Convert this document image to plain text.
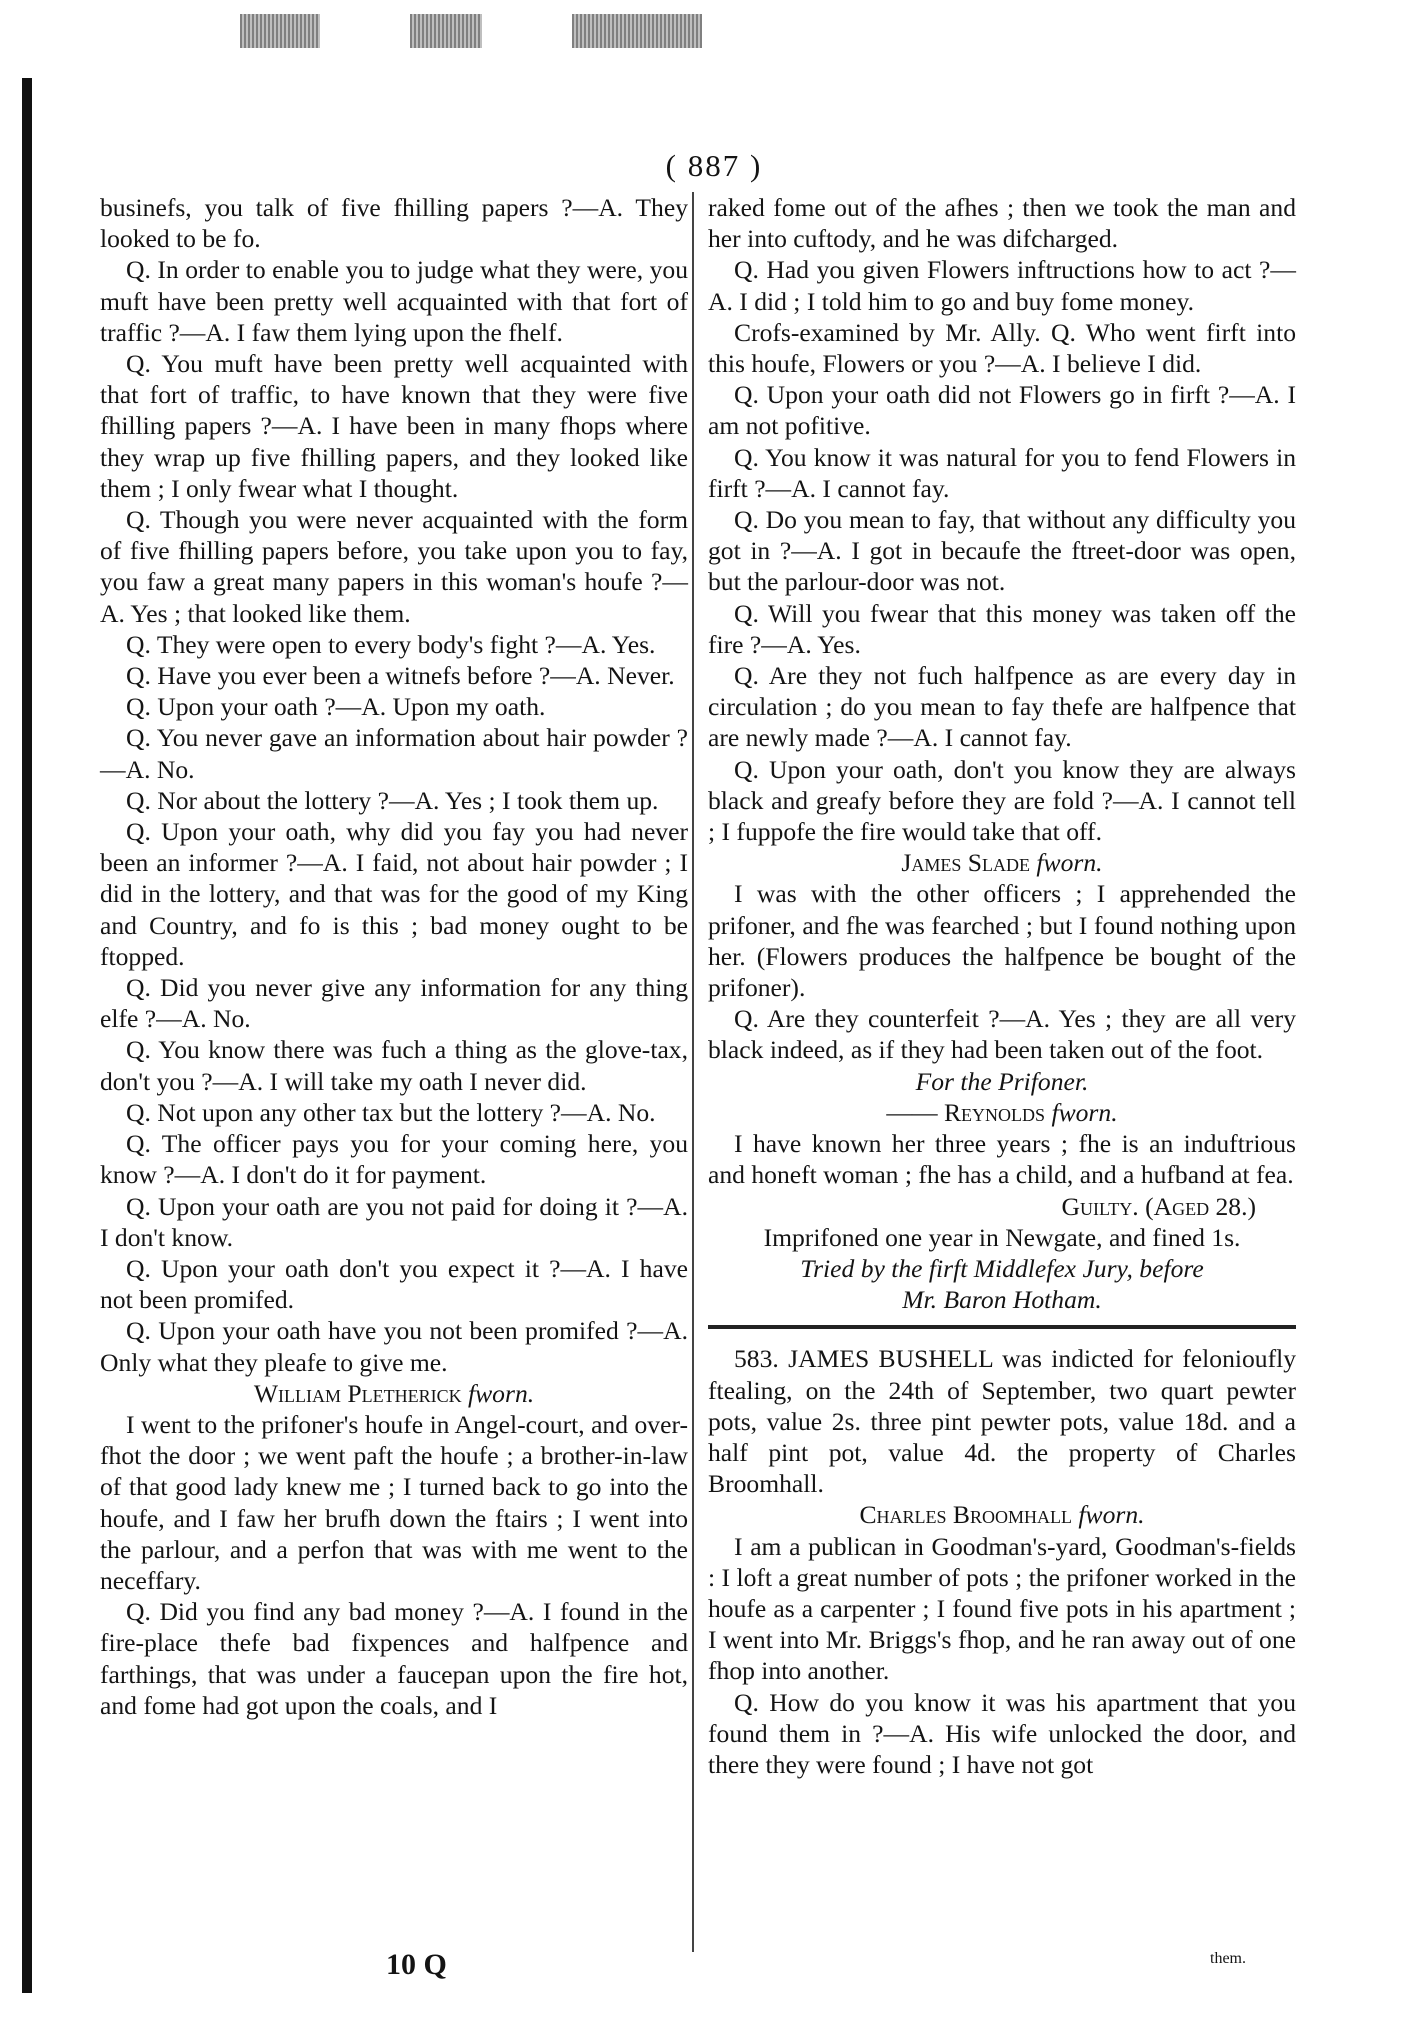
( 887 )

businefs, you talk of five fhilling papers ?—A. They looked to be fo.

Q. In order to enable you to judge what they were, you muft have been pretty well acquainted with that fort of traffic ?—A. I faw them lying upon the fhelf.

Q. You muft have been pretty well acquainted with that fort of traffic, to have known that they were five fhilling papers ?—A. I have been in many fhops where they wrap up five fhilling papers, and they looked like them ; I only fwear what I thought.

Q. Though you were never acquainted with the form of five fhilling papers before, you take upon you to fay, you faw a great many papers in this woman's houfe ?—A. Yes ; that looked like them.

Q. They were open to every body's fight ?—A. Yes.

Q. Have you ever been a witnefs before ?—A. Never.

Q. Upon your oath ?—A. Upon my oath.

Q. You never gave an information about hair powder ?—A. No.

Q. Nor about the lottery ?—A. Yes ; I took them up.

Q. Upon your oath, why did you fay you had never been an informer ?—A. I faid, not about hair powder ; I did in the lottery, and that was for the good of my King and Country, and fo is this ; bad money ought to be ftopped.

Q. Did you never give any information for any thing elfe ?—A. No.

Q. You know there was fuch a thing as the glove-tax, don't you ?—A. I will take my oath I never did.

Q. Not upon any other tax but the lottery ?—A. No.

Q. The officer pays you for your coming here, you know ?—A. I don't do it for payment.

Q. Upon your oath are you not paid for doing it ?—A. I don't know.

Q. Upon your oath don't you expect it ?—A. I have not been promifed.

Q. Upon your oath have you not been promifed ?—A. Only what they pleafe to give me.

William Pletherick fworn.

I went to the prifoner's houfe in Angel-court, and over-fhot the door ; we went paft the houfe ; a brother-in-law of that good lady knew me ; I turned back to go into the houfe, and I faw her brufh down the ftairs ; I went into the parlour, and a perfon that was with me went to the neceffary.

Q. Did you find any bad money ?—A. I found in the fire-place thefe bad fixpences and halfpence and farthings, that was under a faucepan upon the fire hot, and fome had got upon the coals, and I

raked fome out of the afhes ; then we took the man and her into cuftody, and he was difcharged.

Q. Had you given Flowers inftructions how to act ?—A. I did ; I told him to go and buy fome money.

Crofs-examined by Mr. Ally. Q. Who went firft into this houfe, Flowers or you ?—A. I believe I did.

Q. Upon your oath did not Flowers go in firft ?—A. I am not pofitive.

Q. You know it was natural for you to fend Flowers in firft ?—A. I cannot fay.

Q. Do you mean to fay, that without any difficulty you got in ?—A. I got in becaufe the ftreet-door was open, but the parlour-door was not.

Q. Will you fwear that this money was taken off the fire ?—A. Yes.

Q. Are they not fuch halfpence as are every day in circulation ; do you mean to fay thefe are halfpence that are newly made ?—A. I cannot fay.

Q. Upon your oath, don't you know they are always black and greafy before they are fold ?—A. I cannot tell ; I fuppofe the fire would take that off.

James Slade fworn.

I was with the other officers ; I apprehended the prifoner, and fhe was fearched ; but I found nothing upon her. (Flowers produces the halfpence be bought of the prifoner).

Q. Are they counterfeit ?—A. Yes ; they are all very black indeed, as if they had been taken out of the foot.

For the Prifoner.

—— Reynolds fworn.

I have known her three years ; fhe is an induftrious and honeft woman ; fhe has a child, and a hufband at fea.

Guilty. (Aged 28.)

Imprifoned one year in Newgate, and fined 1s.

Tried by the firft Middlefex Jury, before

Mr. Baron Hotham.

583. JAMES BUSHELL was indicted for felonioufly ftealing, on the 24th of September, two quart pewter pots, value 2s. three pint pewter pots, value 18d. and a half pint pot, value 4d. the property of Charles Broomhall.

Charles Broomhall fworn.

I am a publican in Goodman's-yard, Goodman's-fields : I loft a great number of pots ; the prifoner worked in the houfe as a carpenter ; I found five pots in his apartment ; I went into Mr. Briggs's fhop, and he ran away out of one fhop into another.

Q. How do you know it was his apartment that you found them in ?—A. His wife unlocked the door, and there they were found ; I have not got

10 Q	them.
